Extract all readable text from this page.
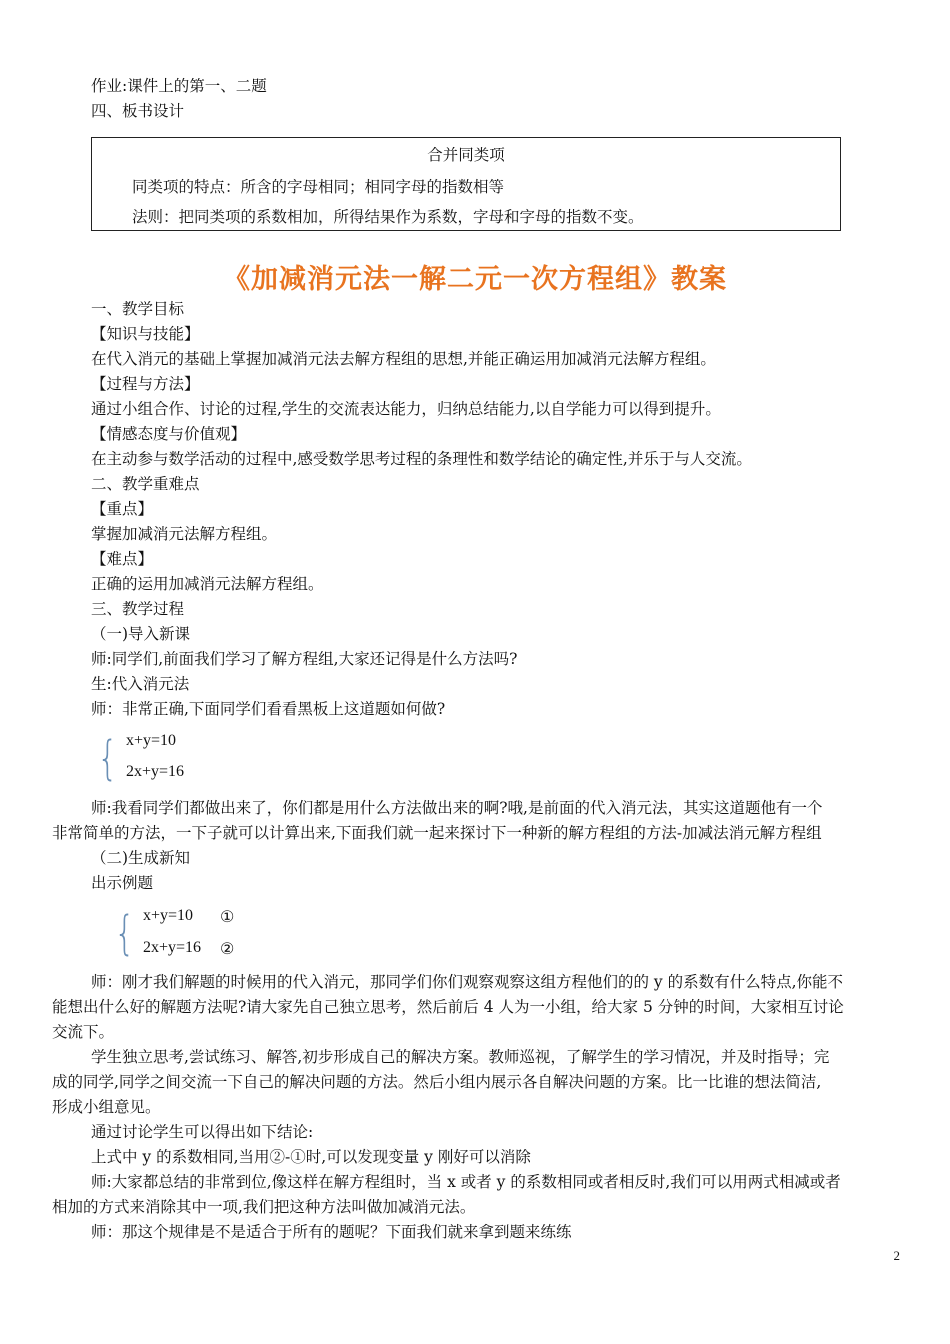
作业:课件上的第一、二题
四、板书设计
合并同类项
同类项的特点：所含的字母相同；相同字母的指数相等
法则：把同类项的系数相加，所得结果作为系数，字母和字母的指数不变。
《加减消元法一解二元一次方程组》教案
一、教学目标
【知识与技能】
在代入消元的基础上掌握加减消元法去解方程组的思想,并能正确运用加减消元法解方程组。
【过程与方法】
通过小组合作、讨论的过程,学生的交流表达能力，归纳总结能力,以自学能力可以得到提升。
【情感态度与价值观】
在主动参与数学活动的过程中,感受数学思考过程的条理性和数学结论的确定性,并乐于与人交流。
二、教学重难点
【重点】
掌握加减消元法解方程组。
【难点】
正确的运用加减消元法解方程组。
三、教学过程
（一)导入新课
师:同学们,前面我们学习了解方程组,大家还记得是什么方法吗?
生:代入消元法
师：非常正确,下面同学们看看黑板上这道题如何做?
{ x+y=10
2x+y=16
师:我看同学们都做出来了，你们都是用什么方法做出来的啊?哦,是前面的代入消元法，其实这道题他有一个
非常简单的方法，一下子就可以计算出来,下面我们就一起来探讨下一种新的解方程组的方法-加减法消元解方程组
（二)生成新知
出示例题
{ x+y=10 ①
2x+y=16 ②
师：刚才我们解题的时候用的代入消元，那同学们你们观察观察这组方程他们的的 y 的系数有什么特点,你能不
能想出什么好的解题方法呢?请大家先自己独立思考，然后前后 4 人为一小组，给大家 5 分钟的时间，大家相互讨论
交流下。
学生独立思考,尝试练习、解答,初步形成自己的解决方案。教师巡视，了解学生的学习情况，并及时指导；完
成的同学,同学之间交流一下自己的解决问题的方法。然后小组内展示各自解决问题的方案。比一比谁的想法简洁,
形成小组意见。
通过讨论学生可以得出如下结论:
上式中 y 的系数相同,当用②-①时,可以发现变量 y 刚好可以消除
师:大家都总结的非常到位,像这样在解方程组时，当 x 或者 y 的系数相同或者相反时,我们可以用两式相减或者
相加的方式来消除其中一项,我们把这种方法叫做加减消元法。
师：那这个规律是不是适合于所有的题呢？下面我们就来拿到题来练练
2
